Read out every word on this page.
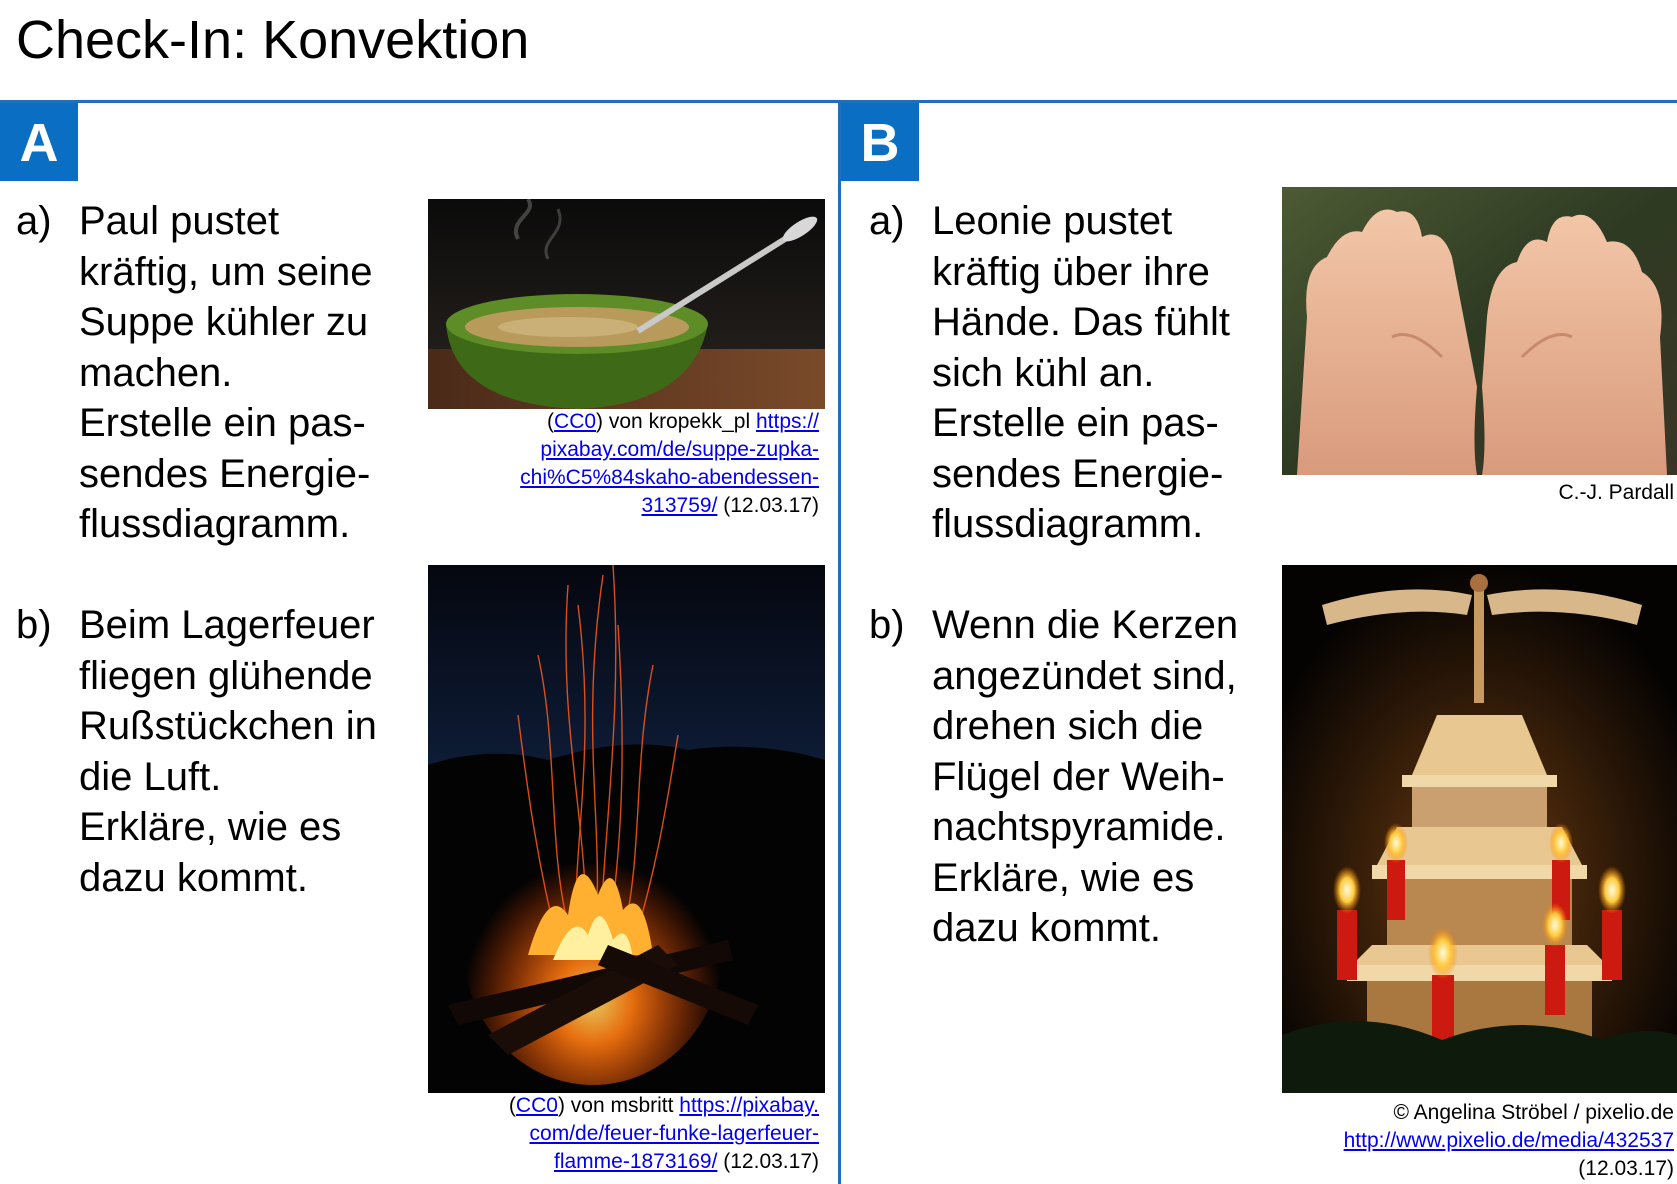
Check-In: Konvektion
A
a) Paul pustet
kräftig, um seine
Suppe kühler zu
machen.
Erstelle ein pas-
sendes Energie-
flussdiagramm.
b) Beim Lagerfeuer
fliegen glühende
Rußstückchen in
die Luft.
Erkläre, wie es
dazu kommt.
(CC0) von kropekk_pl https://
pixabay.com/de/suppe-zupka-
chi%C5%84skaho-abendessen-
313759/ (12.03.17)
(CC0) von msbritt https://pixabay.
com/de/feuer-funke-lagerfeuer-
flamme-1873169/ (12.03.17)
B
a) Leonie pustet
kräftig über ihre
Hände. Das fühlt
sich kühl an.
Erstelle ein pas-
sendes Energie-
flussdiagramm.
b) Wenn die Kerzen
angezündet sind,
drehen sich die
Flügel der Weih-
nachtspyramide.
Erkläre, wie es
dazu kommt.
C.-J. Pardall
© Angelina Ströbel / pixelio.de
http://www.pixelio.de/media/432537
(12.03.17)
